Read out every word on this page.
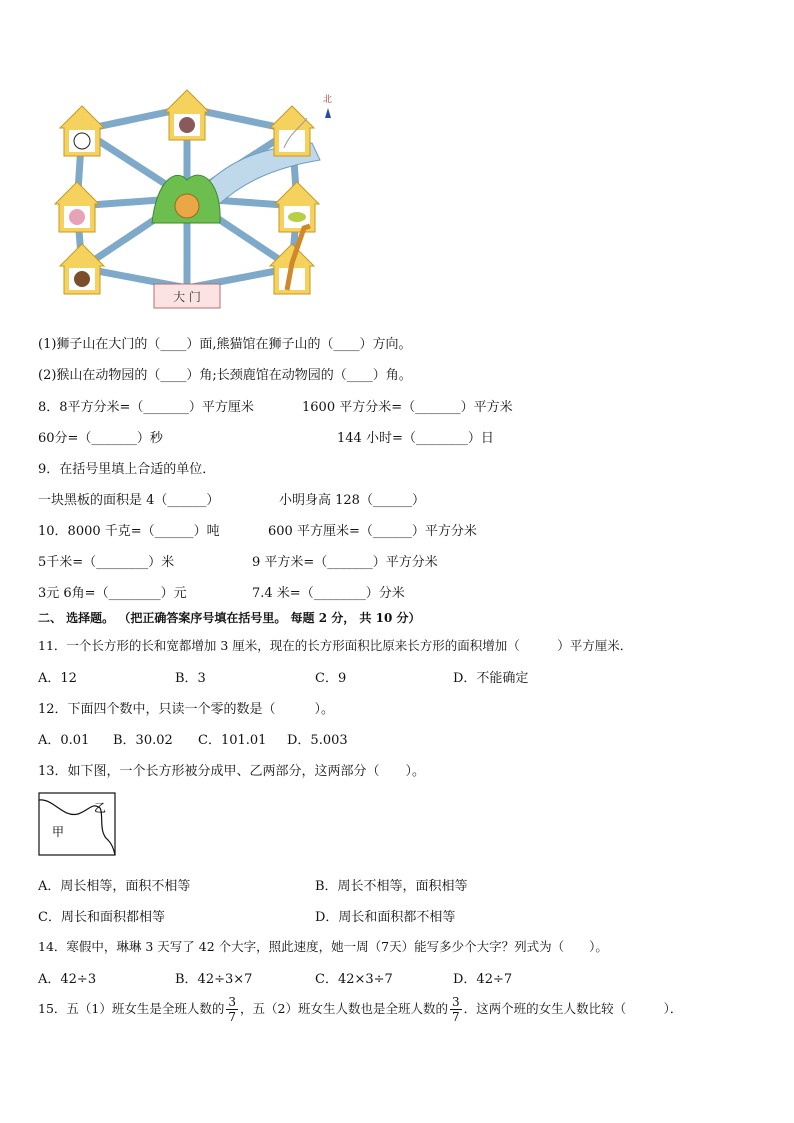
大 门
北
(1)狮子山在大门的（____）面,熊猫馆在狮子山的（____）方向。
(2)猴山在动物园的（____）角;长颈鹿馆在动物园的（____）角。
8．8平方分米=（_______）平方厘米	1600 平方分米=（_______）平方米
60分=（_______）秒	144 小时=（________）日
9．在括号里填上合适的单位．
一块黑板的面积是 4（______）	小明身高 128（______）
10．8000 千克=（______）吨	600 平方厘米=（______）平方分米
5千米=（________）米	9 平方米=（_______）平方分米
3元 6角=（________）元	7.4 米=（________）分米
二、 选择题。 （把正确答案序号填在括号里。 每题 2 分， 共 10 分）
11．一个长方形的长和宽都增加 3 厘米，现在的长方形面积比原来长方形的面积增加（　　　）平方厘米．
A．12	B．3	C．9	D．不能确定
12．下面四个数中，只读一个零的数是（　　　）。
A．0.01 B．30.02 C．101.01 D．5.003
13．如下图，一个长方形被分成甲、乙两部分，这两部分（　　）。
甲
乙
A．周长相等，面积不相等	B．周长不相等，面积相等
C．周长和面积都相等	D．周长和面积都不相等
14．寒假中，琳琳 3 天写了 42 个大字，照此速度，她一周（7天）能写多少个大字？列式为（　　）。
A．42÷3	B．42÷3×7	C．42×3÷7	D．42÷7
15．五（1）班女生是全班人数的 $\frac{3}{7}$ ，五（2）班女生人数也是全班人数的 $\frac{3}{7}$ ．这两个班的女生人数比较（　　　）．
